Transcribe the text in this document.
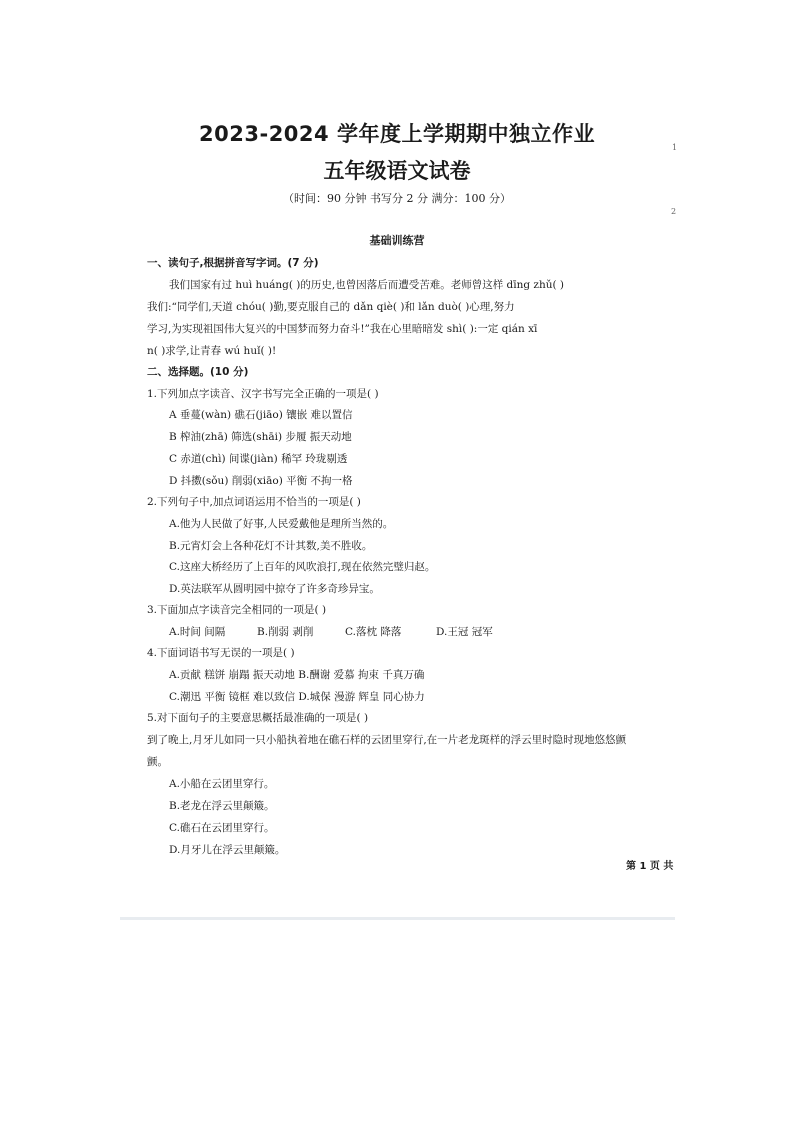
2023-2024 学年度上学期期中独立作业
五年级语文试卷
（时间：90 分钟 书写分 2 分 满分：100 分）
基础训练营
一、读句子,根据拼音写字词。(7 分)
我们国家有过 huì huáng( )的历史,也曾因落后而遭受苦难。老师曾这样 dīng zhǔ( )
我们:“同学们,天道 chóu( )勤,要克服自己的 dǎn qiè( )和 lǎn duò( )心理,努力
学习,为实现祖国伟大复兴的中国梦而努力奋斗!”我在心里暗暗发 shì( ):一定 qián xī
n( )求学,让青春 wú huǐ( )!
二、选择题。(10 分)
1.下列加点字读音、汉字书写完全正确的一项是( )
A 垂蔓(wàn) 礁石(jiāo) 镶嵌 难以置信
B 榨油(zhā) 筛选(shāi) 步履 振天动地
C 赤道(chì) 间谍(jiàn) 稀罕 玲珑剔透
D 抖擞(sǒu) 削弱(xiāo) 平衡 不拘一格
2.下列句子中,加点词语运用不恰当的一项是( )
A.他为人民做了好事,人民爱戴他是理所当然的。
B.元宵灯会上各种花灯不计其数,美不胜收。
C.这座大桥经历了上百年的风吹浪打,现在依然完璧归赵。
D.英法联军从圆明园中掠夺了许多奇珍异宝。
3.下面加点字读音完全相同的一项是( )
A.时间 间隔	B.削弱 剥削	C.落枕 降落	D.王冠 冠军
4.下面词语书写无误的一项是( )
A.贡献 糕饼 崩蹋 振天动地 B.酬谢 爱慕 拘束 千真万确
C.潮迅 平衡 镜框 难以致信 D.城保 漫游 辉皇 同心协力
5.对下面句子的主要意思概括最准确的一项是( )
到了晚上,月牙儿如同一只小船执着地在礁石样的云团里穿行,在一片老龙斑样的浮云里时隐时现地悠悠颤
颤。
A.小船在云团里穿行。
B.老龙在浮云里颠簸。
C.礁石在云团里穿行。
D.月牙儿在浮云里颠簸。
第 1 页 共
1
2
